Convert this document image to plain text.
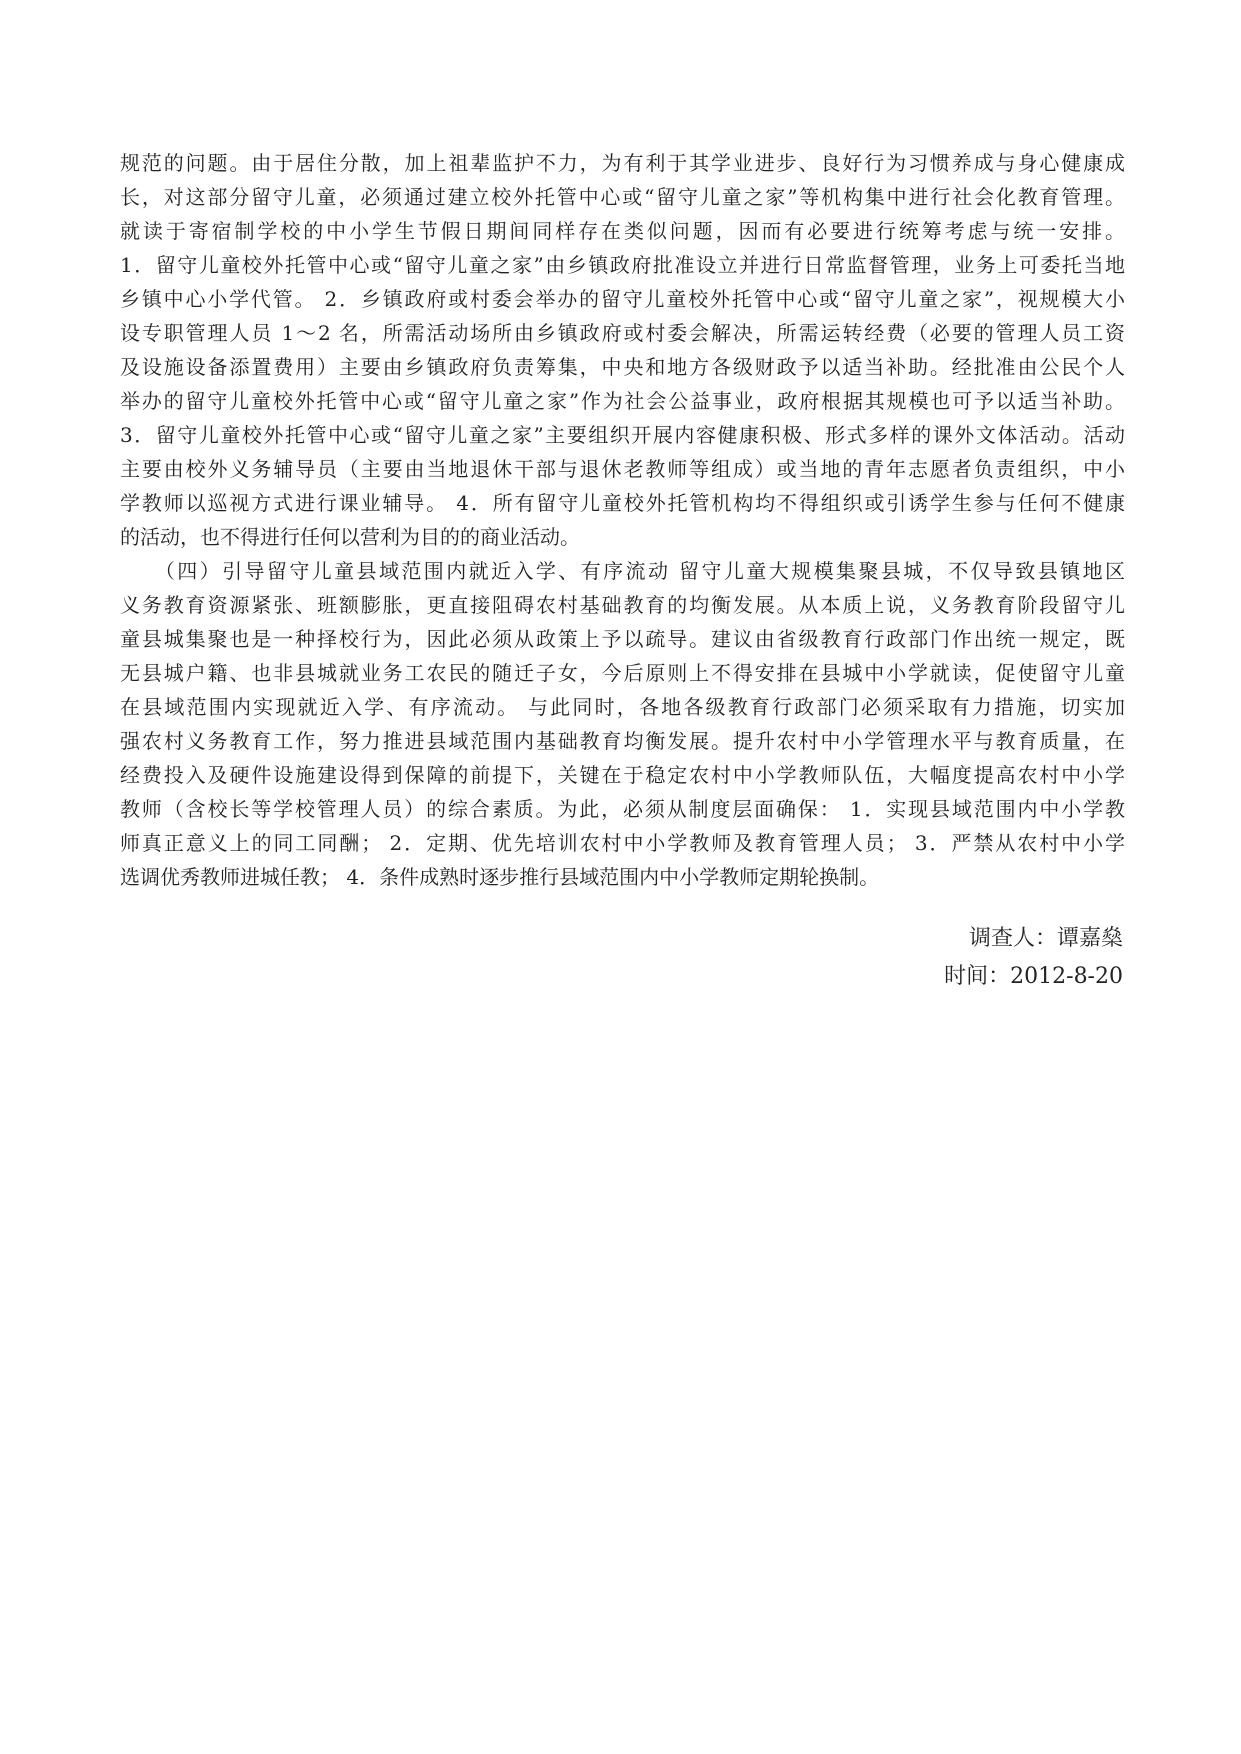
规范的问题。由于居住分散，加上祖辈监护不力，为有利于其学业进步、良好行为习惯养成与身心健康成
长，对这部分留守儿童，必须通过建立校外托管中心或“留守儿童之家”等机构集中进行社会化教育管理。
就读于寄宿制学校的中小学生节假日期间同样存在类似问题，因而有必要进行统筹考虑与统一安排。
1．留守儿童校外托管中心或“留守儿童之家”由乡镇政府批准设立并进行日常监督管理，业务上可委托当地
乡镇中心小学代管。 2．乡镇政府或村委会举办的留守儿童校外托管中心或“留守儿童之家”，视规模大小
设专职管理人员 1～2 名，所需活动场所由乡镇政府或村委会解决，所需运转经费（必要的管理人员工资
及设施设备添置费用）主要由乡镇政府负责筹集，中央和地方各级财政予以适当补助。经批准由公民个人
举办的留守儿童校外托管中心或“留守儿童之家”作为社会公益事业，政府根据其规模也可予以适当补助。
3．留守儿童校外托管中心或“留守儿童之家”主要组织开展内容健康积极、形式多样的课外文体活动。活动
主要由校外义务辅导员（主要由当地退休干部与退休老教师等组成）或当地的青年志愿者负责组织，中小
学教师以巡视方式进行课业辅导。 4．所有留守儿童校外托管机构均不得组织或引诱学生参与任何不健康
的活动，也不得进行任何以营利为目的的商业活动。
　　（四）引导留守儿童县域范围内就近入学、有序流动 留守儿童大规模集聚县城，不仅导致县镇地区
义务教育资源紧张、班额膨胀，更直接阻碍农村基础教育的均衡发展。从本质上说，义务教育阶段留守儿
童县城集聚也是一种择校行为，因此必须从政策上予以疏导。建议由省级教育行政部门作出统一规定，既
无县城户籍、也非县城就业务工农民的随迁子女，今后原则上不得安排在县城中小学就读，促使留守儿童
在县域范围内实现就近入学、有序流动。 与此同时，各地各级教育行政部门必须采取有力措施，切实加
强农村义务教育工作，努力推进县域范围内基础教育均衡发展。提升农村中小学管理水平与教育质量，在
经费投入及硬件设施建设得到保障的前提下，关键在于稳定农村中小学教师队伍，大幅度提高农村中小学
教师（含校长等学校管理人员）的综合素质。为此，必须从制度层面确保： 1．实现县域范围内中小学教
师真正意义上的同工同酬； 2．定期、优先培训农村中小学教师及教育管理人员； 3．严禁从农村中小学
选调优秀教师进城任教； 4．条件成熟时逐步推行县域范围内中小学教师定期轮换制。
调查人：谭嘉燊
时间：2012-8-20
